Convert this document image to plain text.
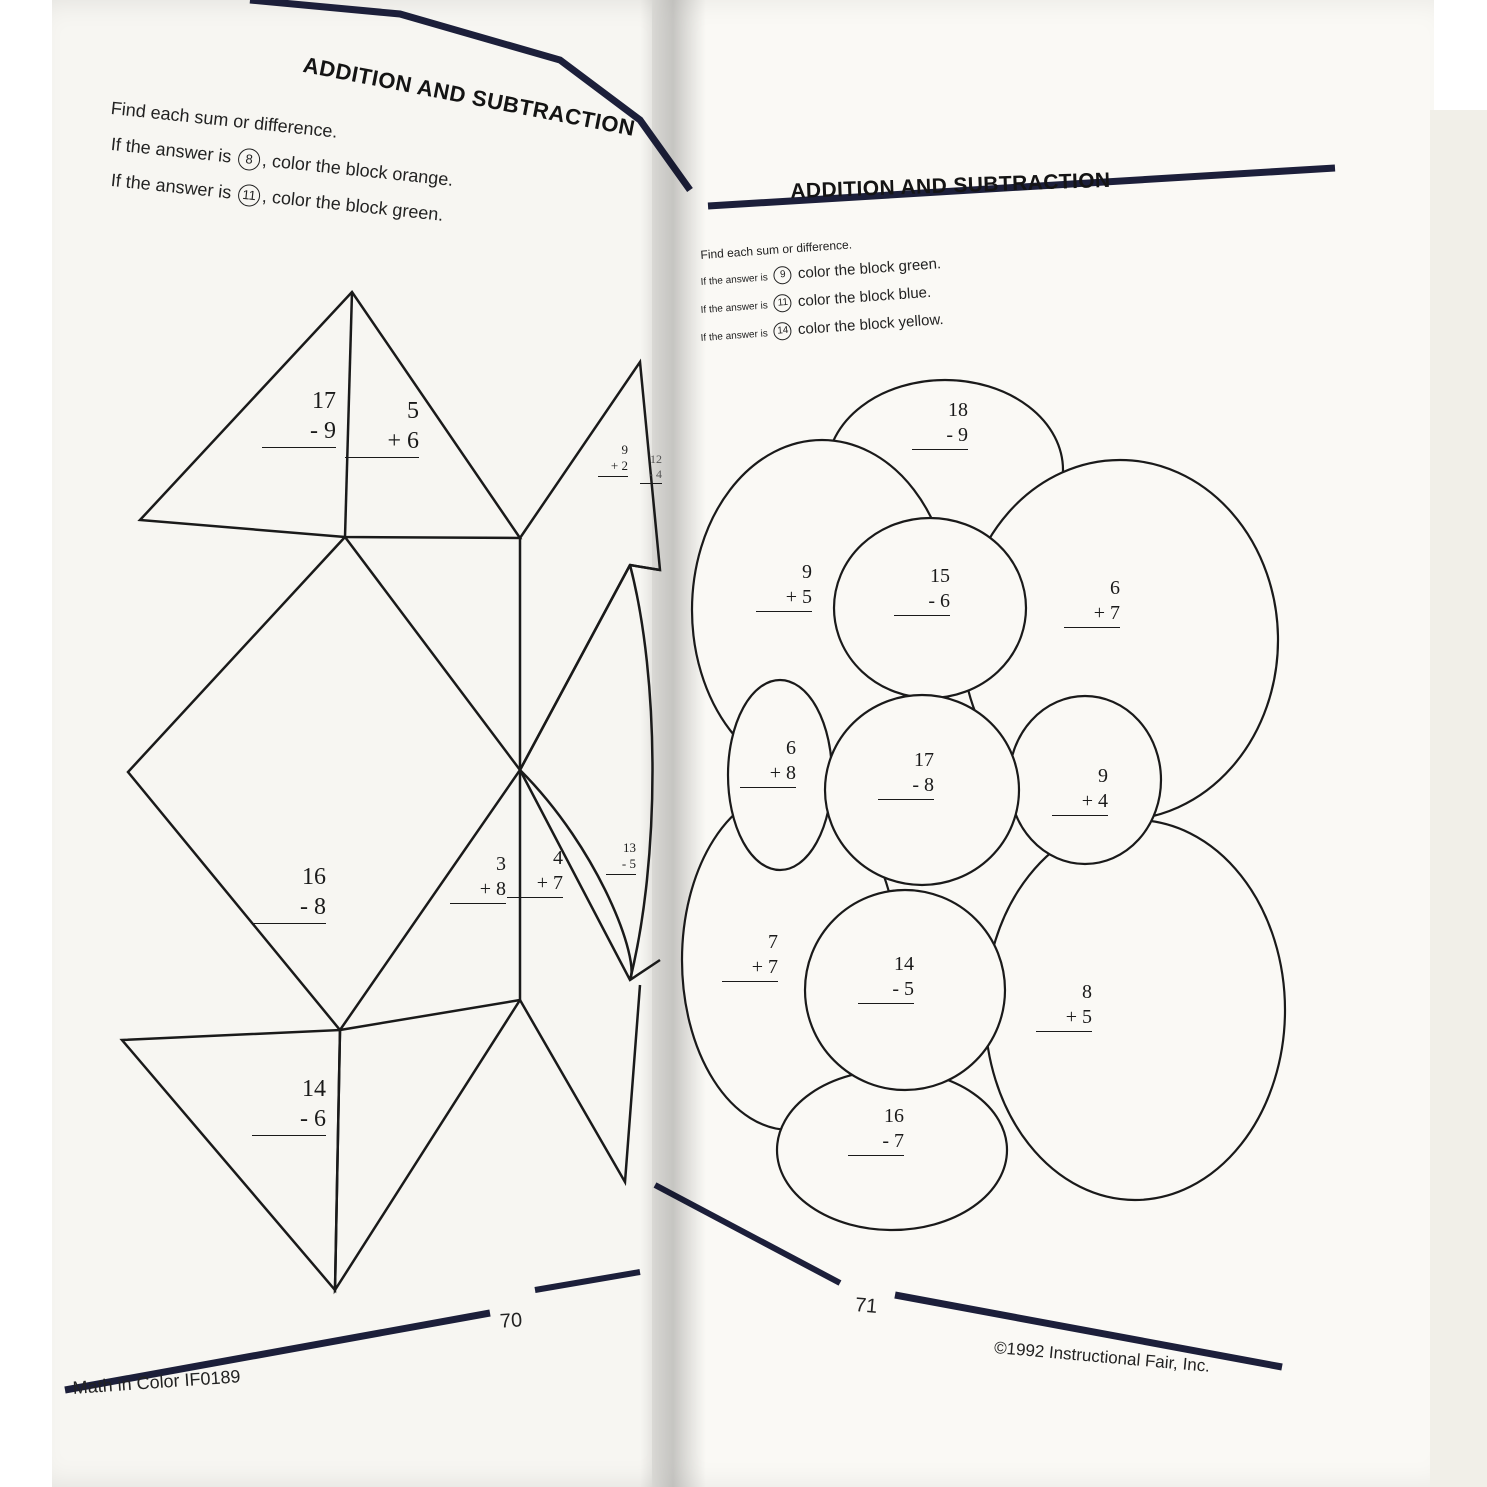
ADDITION AND SUBTRACTION
Find each sum or difference.
If the answer is 8 , color the block orange.
If the answer is 11 , color the block green.
17
- 9
5
+ 6	9
+ 2	12
- 4
16
- 8
3
+ 8
4
+ 7
13
- 5
14
- 6
70
Math in Color IF0189
ADDITION AND SUBTRACTION
Find each sum or difference.
If the answer is 9 color the block green.
If the answer is 11 color the block blue.
If the answer is 14 color the block yellow.
18
- 9
9
+ 5
15
- 6
6
+ 7
6
+ 8
17
- 8	9
+ 4
7
+ 7	14
- 5	8
+ 5
16
- 7
71
©1992 Instructional Fair, Inc.
